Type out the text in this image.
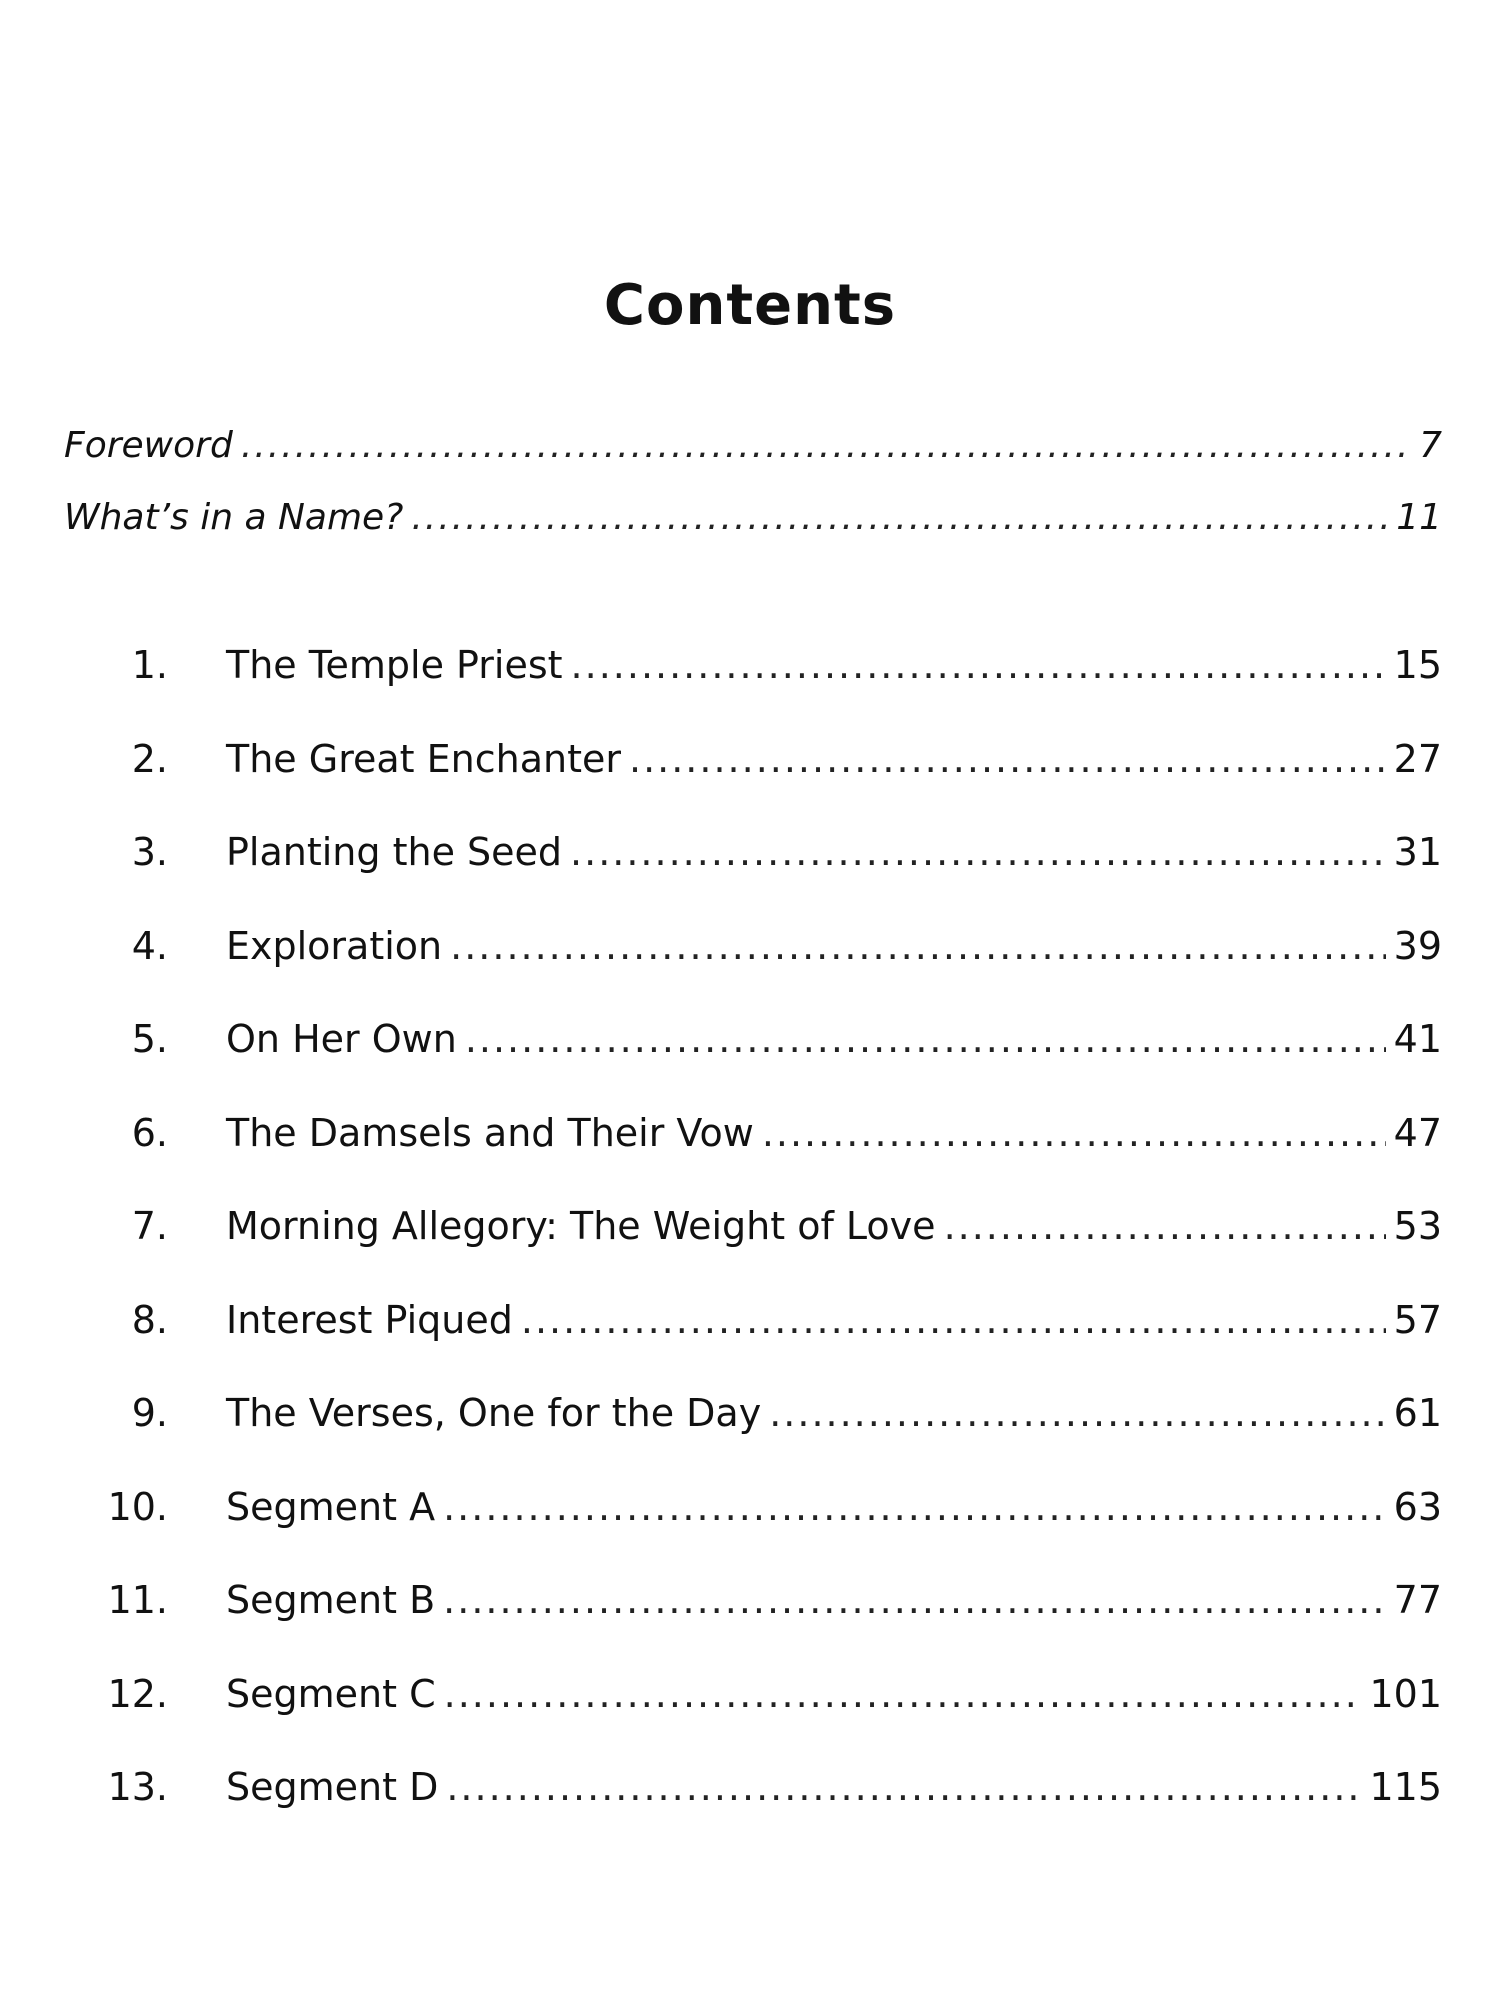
Contents
Foreword .....	7
What’s in a Name? .....	11
1.	The Temple Priest .....	15
2.	The Great Enchanter .....	27
3.	Planting the Seed .....	31
4.	Exploration .....	39
5.	On Her Own .....	41
6.	The Damsels and Their Vow .....	47
7.	Morning Allegory: The Weight of Love .....	53
8.	Interest Piqued .....	57
9.	The Verses, One for the Day .....	61
10.	Segment A .....	63
11.	Segment B .....	77
12.	Segment C .....	101
13.	Segment D .....	115
